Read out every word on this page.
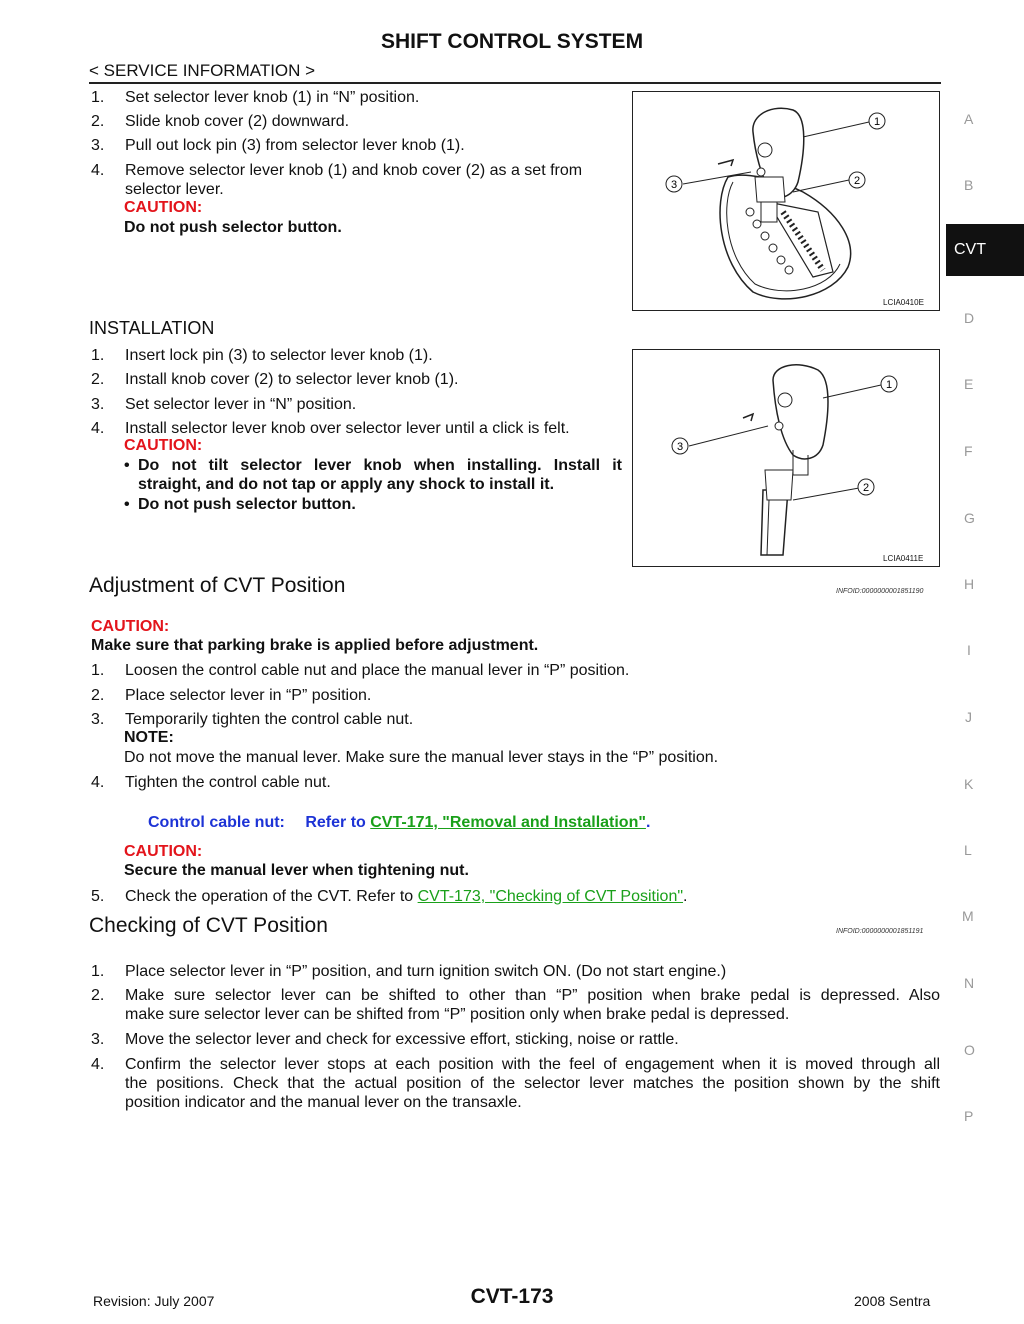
SHIFT CONTROL SYSTEM
< SERVICE INFORMATION >
1. Set selector lever knob (1) in “N” position.
2. Slide knob cover (2) downward.
3. Pull out lock pin (3) from selector lever knob (1).
4. Remove selector lever knob (1) and knob cover (2) as a set from
selector lever.
CAUTION:
Do not push selector button.
1
2
3
LCIA0410E
INSTALLATION
1. Insert lock pin (3) to selector lever knob (1).
2. Install knob cover (2) to selector lever knob (1).
3. Set selector lever in “N” position.
4. Install selector lever knob over selector lever until a click is felt.
CAUTION:
• Do not tilt selector lever knob when installing. Install it
straight, and do not tap or apply any shock to install it.
• Do not push selector button.
1
2
3
LCIA0411E
Adjustment of CVT Position	INFOID:0000000001851190
CAUTION:
Make sure that parking brake is applied before adjustment.
1. Loosen the control cable nut and place the manual lever in “P” position.
2. Place selector lever in “P” position.
3. Temporarily tighten the control cable nut.
NOTE:
Do not move the manual lever. Make sure the manual lever stays in the “P” position.
4. Tighten the control cable nut.
Control cable nut: Refer to CVT-171, "Removal and Installation".
CAUTION:
Secure the manual lever when tightening nut.
5. Check the operation of the CVT. Refer to CVT-173, "Checking of CVT Position".
Checking of CVT Position	INFOID:0000000001851191
1. Place selector lever in “P” position, and turn ignition switch ON. (Do not start engine.)
2. Make sure selector lever can be shifted to other than “P” position when brake pedal is depressed. Also
make sure selector lever can be shifted from “P” position only when brake pedal is depressed.
3. Move the selector lever and check for excessive effort, sticking, noise or rattle.
4. Confirm the selector lever stops at each position with the feel of engagement when it is moved through all
the positions. Check that the actual position of the selector lever matches the position shown by the shift
position indicator and the manual lever on the transaxle.
A
B
CVT
D
E
F
G
H
I
J
K
L
M
N
O
P
Revision: July 2007	CVT-173	2008 Sentra
